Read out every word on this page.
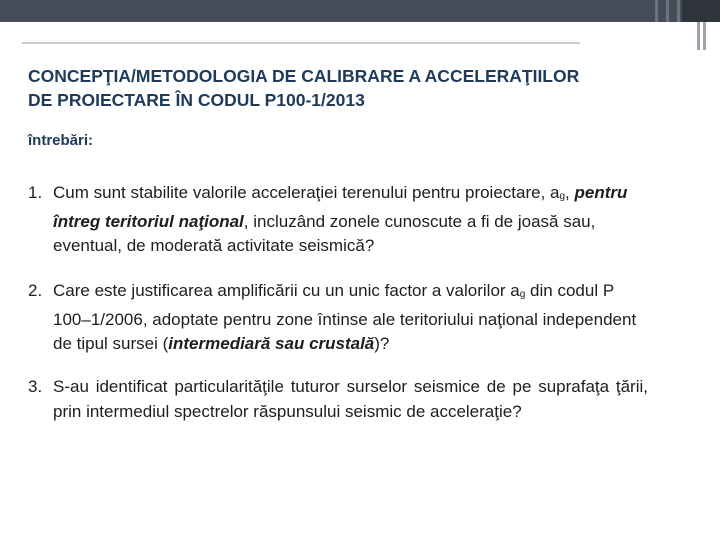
CONCEPŢIA/METODOLOGIA DE CALIBRARE A ACCELERAŢIILOR
DE PROIECTARE ÎN CODUL P100-1/2013
întrebări:
1. Cum sunt stabilite valorile acceleraţiei terenului pentru proiectare, ag, pentru întreg teritoriul naţional, incluzând zonele cunoscute a fi de joasă sau, eventual, de moderată activitate seismică?
2. Care este justificarea amplificării cu un unic factor a valorilor ag din codul P 100–1/2006, adoptate pentru zone întinse ale teritoriului naţional independent de tipul sursei (intermediară sau crustală)?
3. S-au identificat particularităţile tuturor surselor seismice de pe suprafaţa ţării, prin intermediul spectrelor răspunsului seismic de acceleraţie?
